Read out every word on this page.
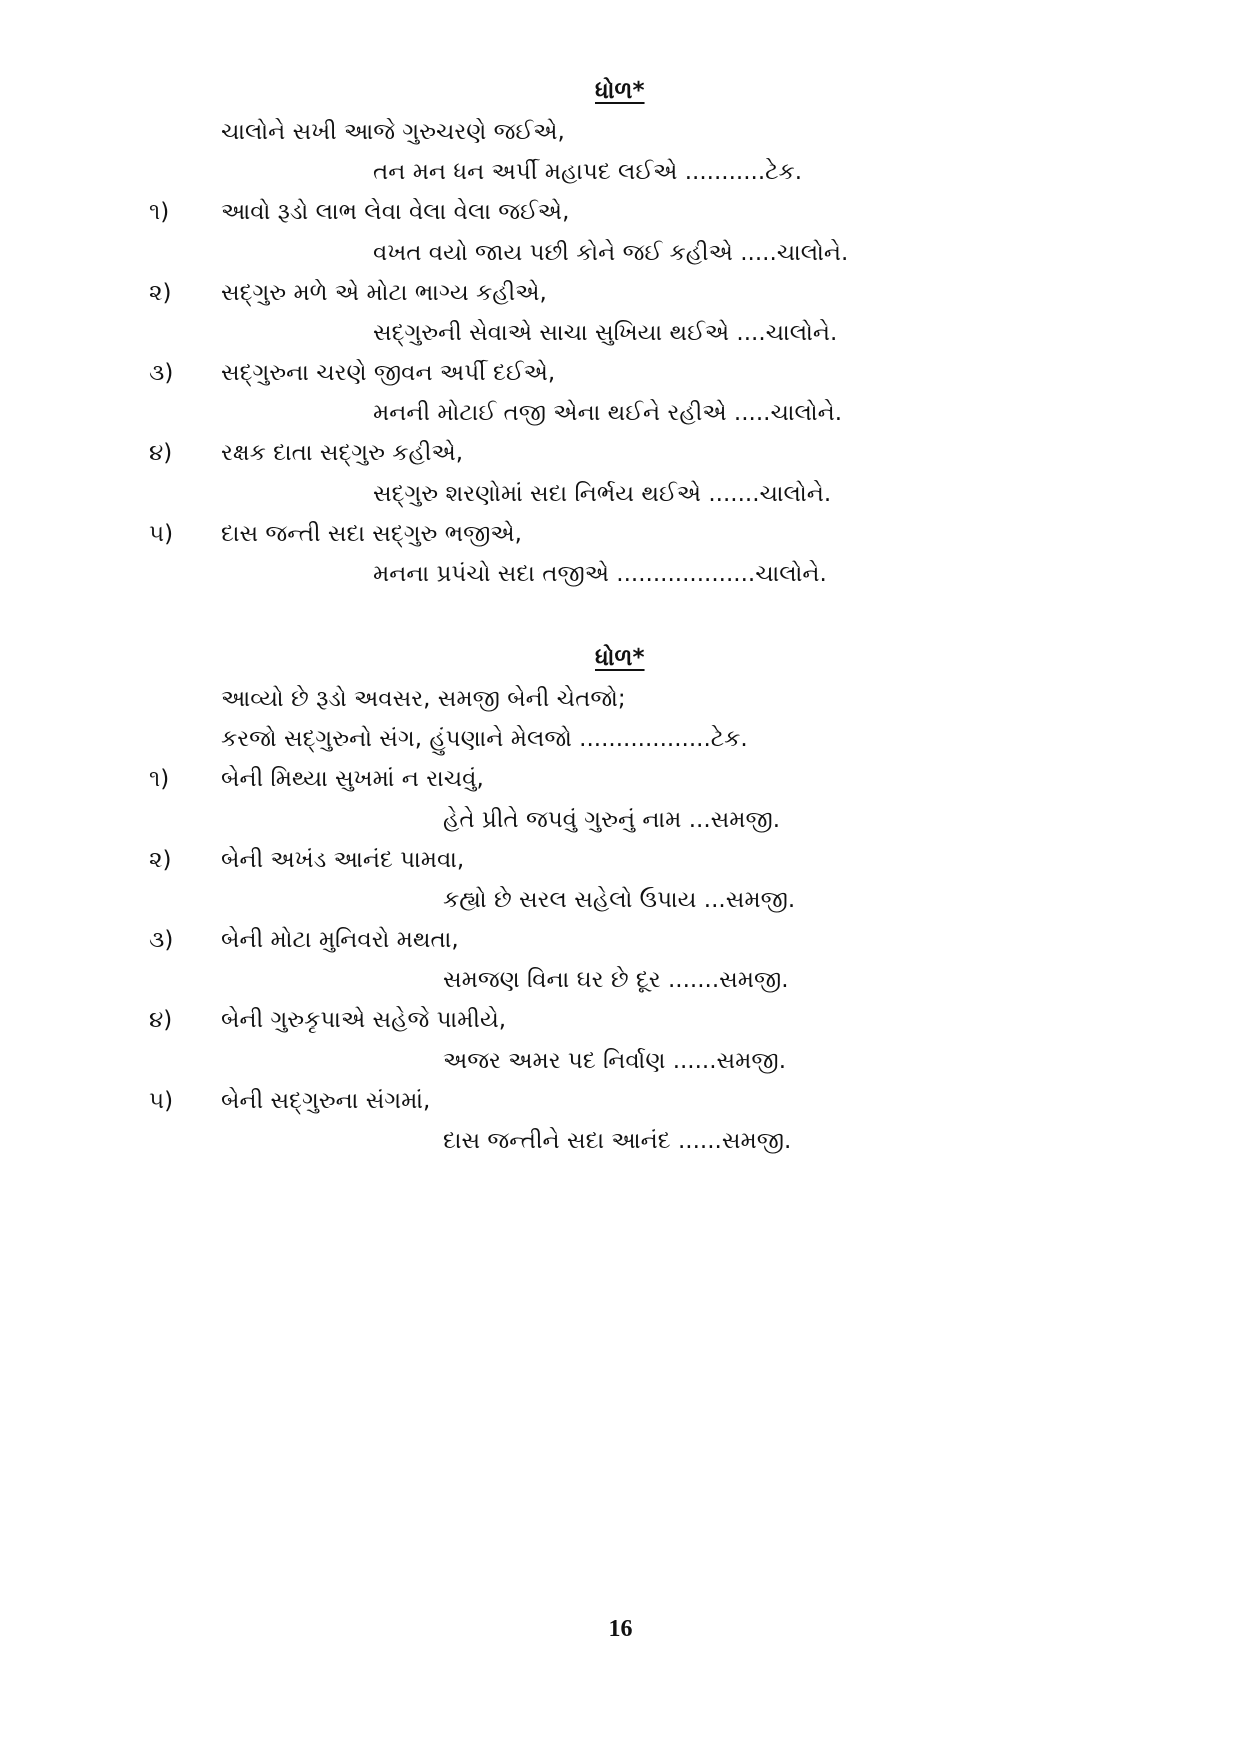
ધોળ*
ચાલોને સખી આજે ગુરુચરણે જઈએ,
તન મન ધન અર્પી મહાપદ લઈએ ...........ટેક.
૧) આવો રૂડો લાભ લેવા વેલા વેલા જઈએ,
વખત વયો જાય પછી કોને જઈ કહીએ .....ચાલોને.
૨) સદ્‌ગુરુ મળે એ મોટા ભાગ્ય કહીએ,
સદ્‌ગુરુની સેવાએ સાચા સુખિયા થઈએ ....ચાલોને.
૩) સદ્‌ગુરુના ચરણે જીવન અર્પી દઈએ,
મનની મોટાઈ તજી એના થઈને રહીએ .....ચાલોને.
૪) રક્ષક દાતા સદ્‌ગુરુ કહીએ,
સદ્‌ગુરુ શરણોમાં સદા નિર્ભય થઈએ .......ચાલોને.
૫) દાસ જન્તી સદા સદ્‌ગુરુ ભજીએ,
મનના પ્રપંચો સદા તજીએ ...................ચાલોને.
ધોળ*
આવ્યો છે રૂડો અવસર, સમજી બેની ચેતજો;
કરજો સદ્‌ગુરુનો સંગ, હુંપણાને મેલજો ..................ટેક.
૧) બેની મિથ્યા સુખમાં ન રાચવું,
હેતે પ્રીતે જપવું ગુરુનું નામ ...સમજી.
૨) બેની અખંડ આનંદ પામવા,
કહ્યો છે સરલ સહેલો ઉપાય ...સમજી.
૩) બેની મોટા મુનિવરો મથતા,
સમજણ વિના ઘર છે દૂર .......સમજી.
૪) બેની ગુરુકૃપાએ સહેજે પામીયે,
અજર અમર પદ નિર્વાણ ......સમજી.
૫) બેની સદ્‌ગુરુના સંગમાં,
દાસ જન્તીને સદા આનંદ ......સમજી.
16
